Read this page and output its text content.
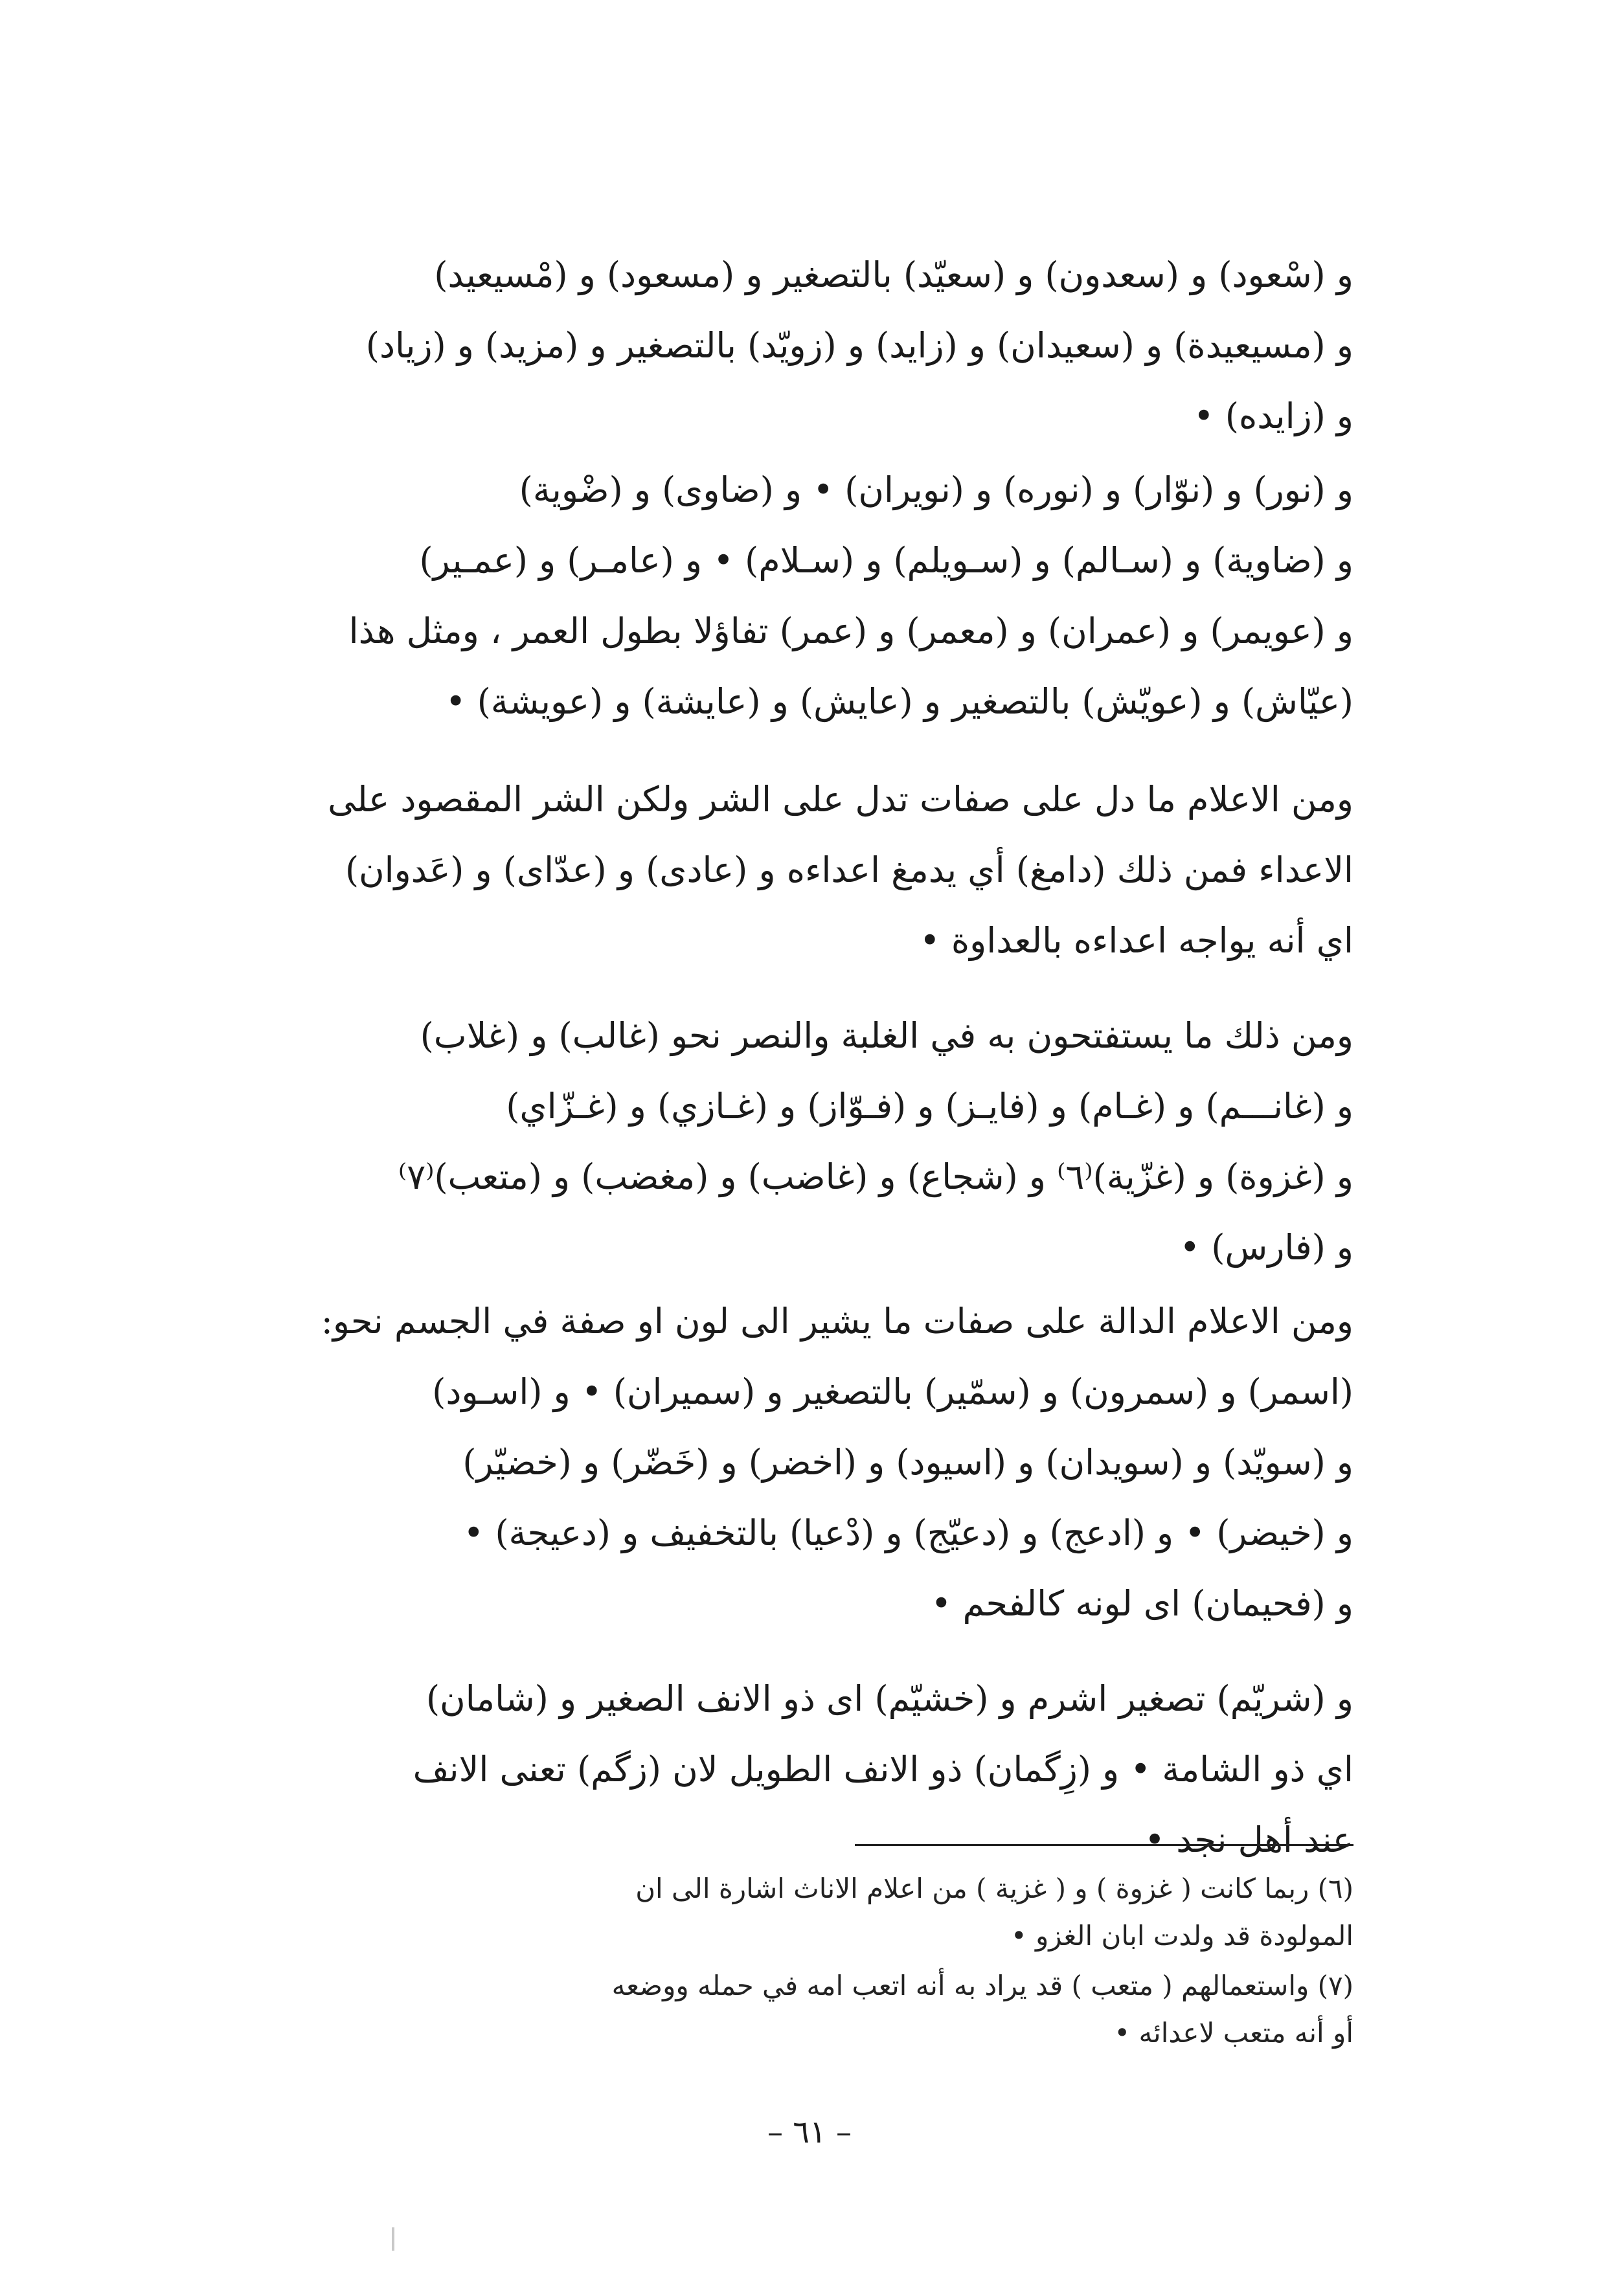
و (سْعود) و (سعدون) و (سعيّد) بالتصغير و (مسعود) و (مْسيعيد)
و (مسيعيدة) و (سعيدان) و (زايد) و (زويّد) بالتصغير و (مزيد) و (زياد)
و (زايده) •

و (نور) و (نوّار) و (نوره) و (نويران) • و (ضاوى) و (ضْوية)
و (ضاوية) و (سـالم) و (سـويلم) و (سـلام) • و (عامـر) و (عمـير)
و (عويمر) و (عمران) و (معمر) و (عمر) تفاؤلا بطول العمر ، ومثل هذا
(عيّاش) و (عويّش) بالتصغير و (عايش) و (عايشة) و (عويشة) •

ومن الاعلام ما دل على صفات تدل على الشر ولكن الشر المقصود على
الاعداء فمن ذلك (دامغ) أي يدمغ اعداءه و (عادى) و (عدّاى) و (عَدوان)
اي أنه يواجه اعداءه بالعداوة •

ومن ذلك ما يستفتحون به في الغلبة والنصر نحو (غالب) و (غلاب)
و (غانـــم) و (غـام) و (فايـز) و (فـوّاز) و (غـازي) و (غـزّاي)
و (غزوة) و (غزّية)⁽٦⁾ و (شجاع) و (غاضب) و (مغضب) و (متعب)⁽٧⁾
و (فارس) •

ومن الاعلام الدالة على صفات ما يشير الى لون او صفة في الجسم نحو:
(اسمر) و (سمرون) و (سمّير) بالتصغير و (سميران) • و (اسـود)
و (سويّد) و (سويدان) و (اسيود) و (اخضر) و (خَضّر) و (خضيّر)
و (خيضر) • و (ادعج) و (دعيّج) و (دْعيا) بالتخفيف و (دعيجة) •
و (فحيمان) اى لونه كالفحم •

و (شريّم) تصغير اشرم و (خشيّم) اى ذو الانف الصغير و (شامان)
اي ذو الشامة • و (زِگمان) ذو الانف الطويل لان (زگم) تعنى الانف
عند أهل نجد •

(٦) ربما كانت ( غزوة ) و ( غزية ) من اعلام الاناث اشارة الى ان
المولودة قد ولدت ابان الغزو •

(٧) واستعمالهم ( متعب ) قد يراد به أنه اتعب امه في حمله ووضعه
أو أنه متعب لاعدائه •

– ٦١ –
